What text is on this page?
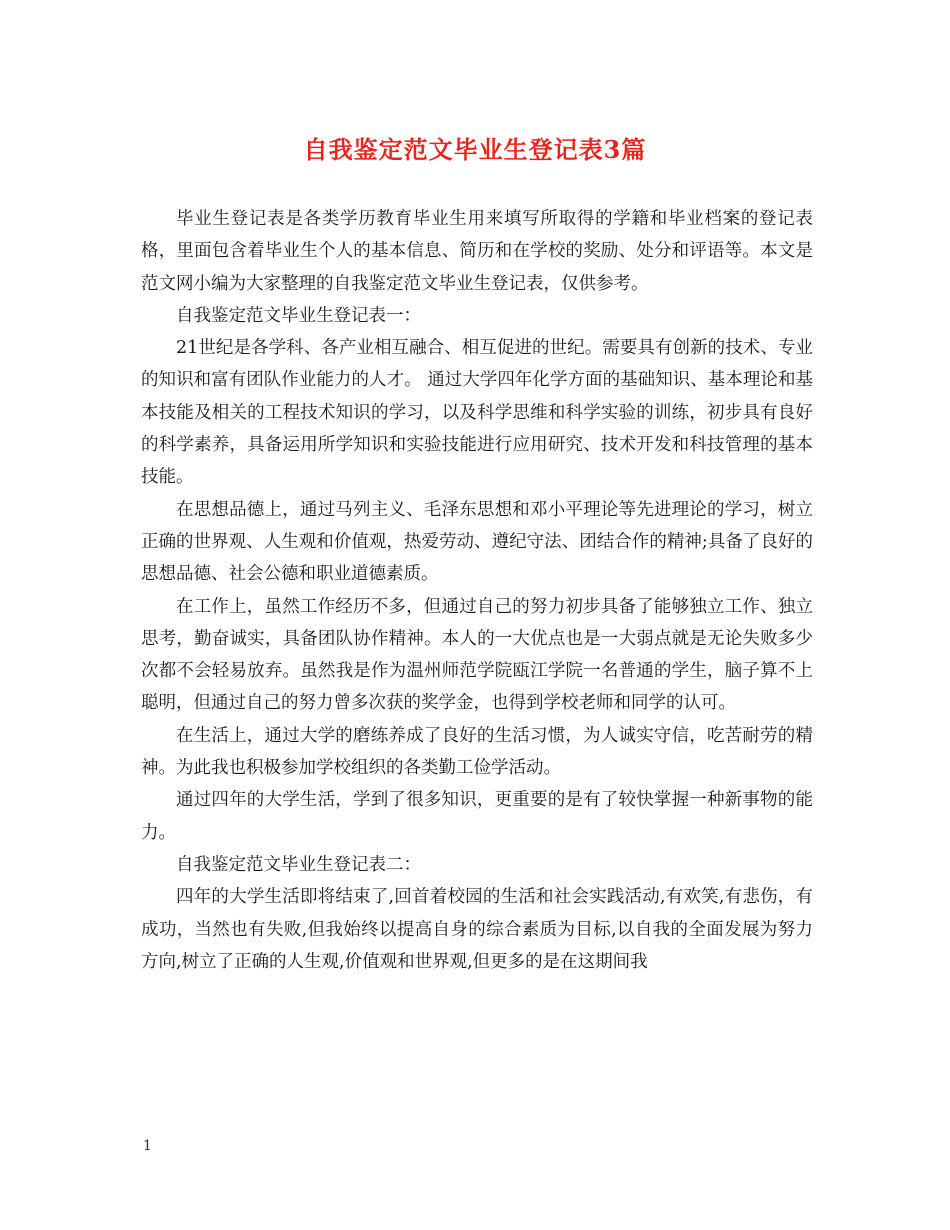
自我鉴定范文毕业生登记表3篇

毕业生登记表是各类学历教育毕业生用来填写所取得的学籍和毕业档案的登记表格，里面包含着毕业生个人的基本信息、简历和在学校的奖励、处分和评语等。本文是范文网小编为大家整理的自我鉴定范文毕业生登记表，仅供参考。

自我鉴定范文毕业生登记表一：

21世纪是各学科、各产业相互融合、相互促进的世纪。需要具有创新的技术、专业的知识和富有团队作业能力的人才。 通过大学四年化学方面的基础知识、基本理论和基本技能及相关的工程技术知识的学习，以及科学思维和科学实验的训练，初步具有良好的科学素养，具备运用所学知识和实验技能进行应用研究、技术开发和科技管理的基本技能。

在思想品德上，通过马列主义、毛泽东思想和邓小平理论等先进理论的学习，树立正确的世界观、人生观和价值观，热爱劳动、遵纪守法、团结合作的精神;具备了良好的思想品德、社会公德和职业道德素质。

在工作上，虽然工作经历不多，但通过自己的努力初步具备了能够独立工作、独立思考，勤奋诚实，具备团队协作精神。本人的一大优点也是一大弱点就是无论失败多少次都不会轻易放弃。虽然我是作为温州师范学院瓯江学院一名普通的学生，脑子算不上聪明，但通过自己的努力曾多次获的奖学金，也得到学校老师和同学的认可。

在生活上，通过大学的磨练养成了良好的生活习惯，为人诚实守信，吃苦耐劳的精神。为此我也积极参加学校组织的各类勤工俭学活动。

通过四年的大学生活，学到了很多知识，更重要的是有了较快掌握一种新事物的能力。

自我鉴定范文毕业生登记表二：

四年的大学生活即将结束了,回首着校园的生活和社会实践活动,有欢笑,有悲伤，有成功，当然也有失败,但我始终以提高自身的综合素质为目标,以自我的全面发展为努力方向,树立了正确的人生观,价值观和世界观,但更多的是在这期间我

1
